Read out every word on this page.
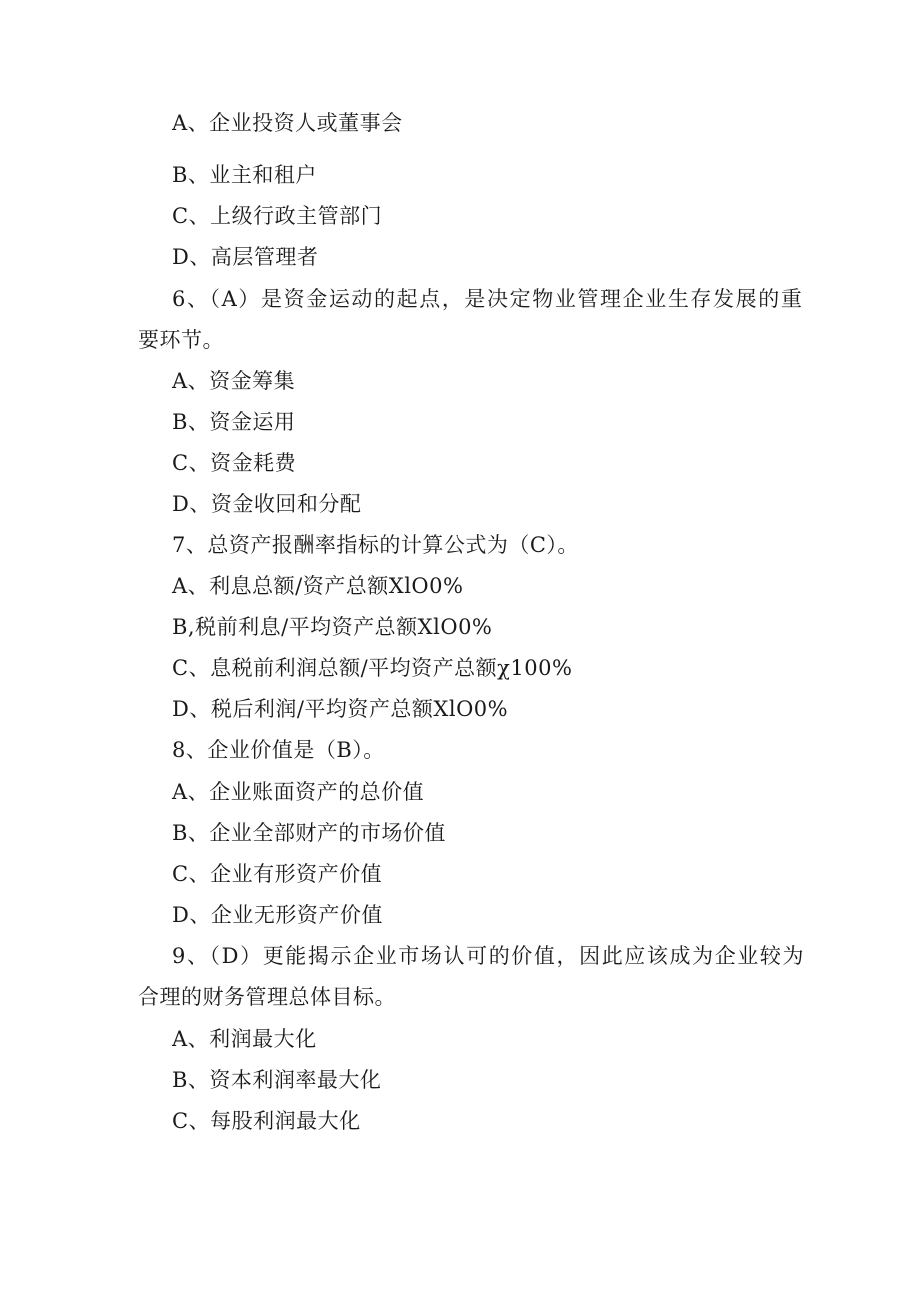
A、企业投资人或董事会
B、业主和租户
C、上级行政主管部门
D、高层管理者
6、（A）是资金运动的起点，是决定物业管理企业生存发展的重
要环节。
A、资金筹集
B、资金运用
C、资金耗费
D、资金收回和分配
7、总资产报酬率指标的计算公式为（C）。
A、利息总额/资产总额XlO0%
B,税前利息/平均资产总额XlO0%
C、息税前利润总额/平均资产总额χ100%
D、税后利润/平均资产总额XlO0%
8、企业价值是（B）。
A、企业账面资产的总价值
B、企业全部财产的市场价值
C、企业有形资产价值
D、企业无形资产价值
9、（D）更能揭示企业市场认可的价值，因此应该成为企业较为
合理的财务管理总体目标。
A、利润最大化
B、资本利润率最大化
C、每股利润最大化
